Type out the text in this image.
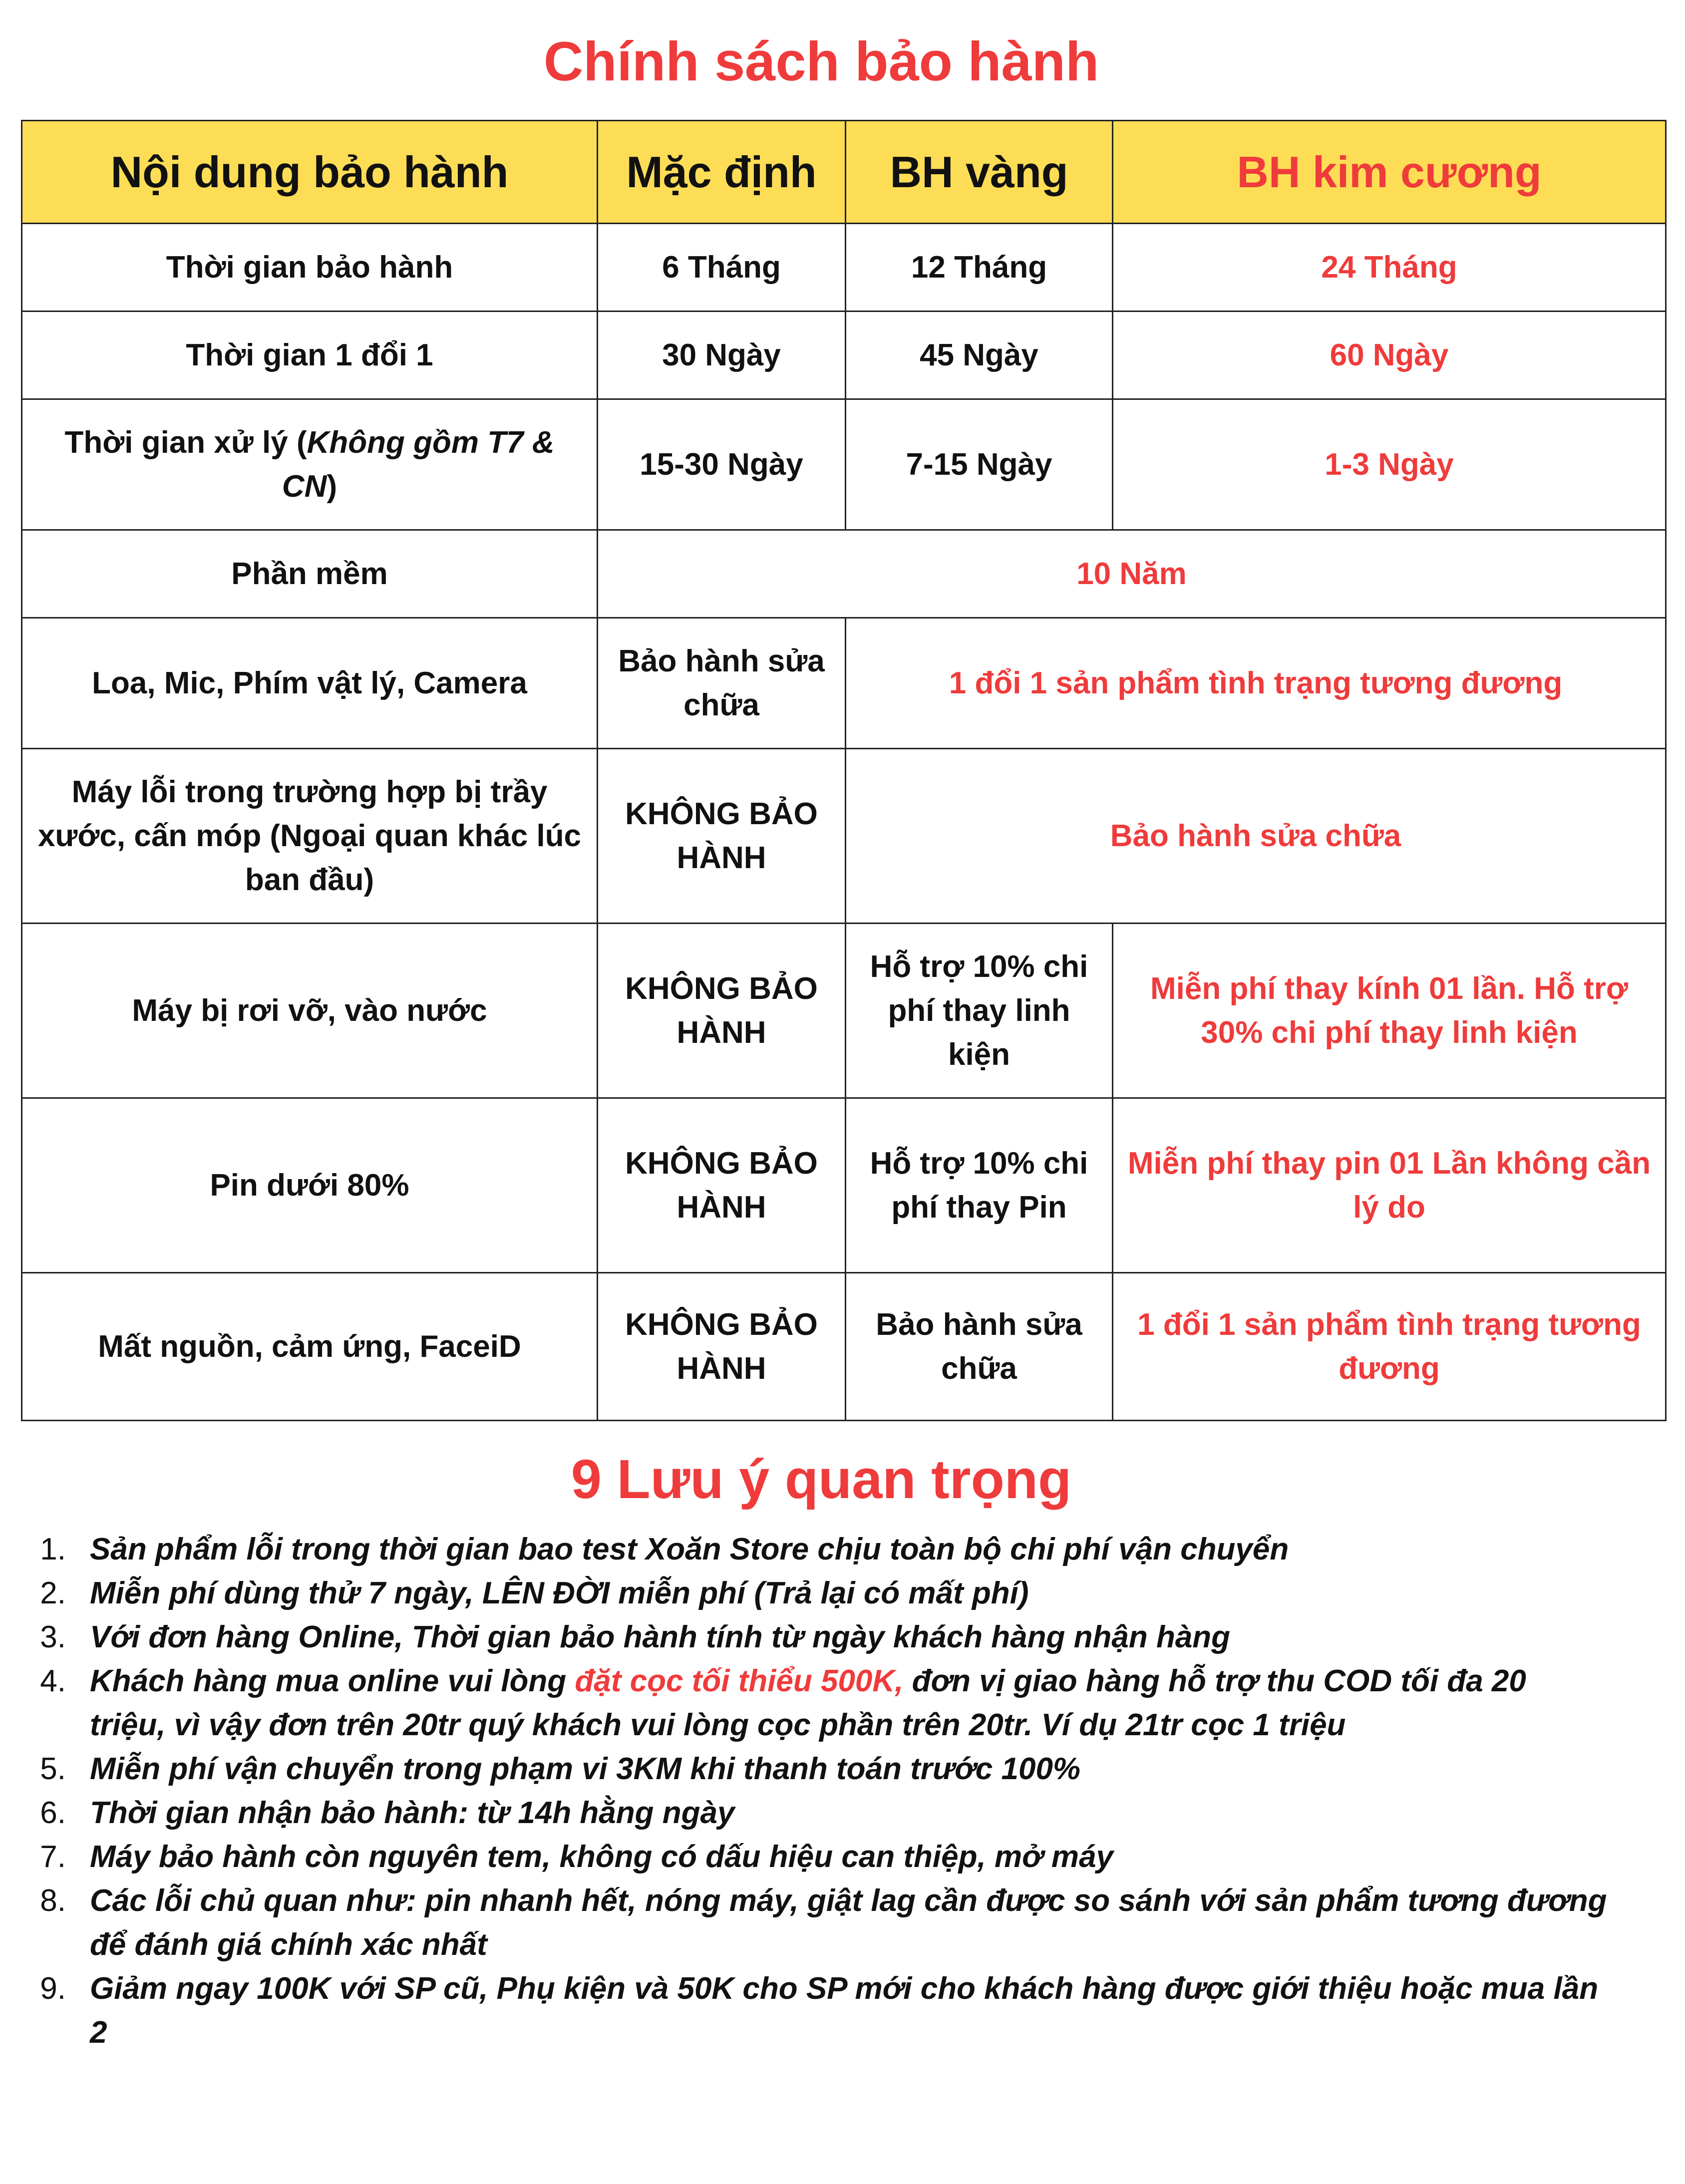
Chính sách bảo hành
Nội dung bảo hành	Mặc định	BH vàng	BH kim cương
Thời gian bảo hành	6 Tháng	12 Tháng	24 Tháng
Thời gian 1 đổi 1	30 Ngày	45 Ngày	60 Ngày
Thời gian xử lý (Không gồm T7 & CN)	15-30 Ngày	7-15 Ngày	1-3 Ngày
Phần mềm	10 Năm		
Loa, Mic, Phím vật lý, Camera	Bảo hành sửa chữa	1 đổi 1 sản phẩm tình trạng tương đương	
Máy lỗi trong trường hợp bị trầy xước, cấn móp (Ngoại quan khác lúc ban đầu)	KHÔNG BẢO HÀNH	Bảo hành sửa chữa	
Máy bị rơi vỡ, vào nước	KHÔNG BẢO HÀNH	Hỗ trợ 10% chi phí thay linh kiện	Miễn phí thay kính 01 lần. Hỗ trợ 30% chi phí thay linh kiện
Pin dưới 80%	KHÔNG BẢO HÀNH	Hỗ trợ 10% chi phí thay Pin	Miễn phí thay pin 01 Lần không cần lý do
Mất nguồn, cảm ứng, FaceiD	KHÔNG BẢO HÀNH	Bảo hành sửa chữa	1 đổi 1 sản phẩm tình trạng tương đương
9 Lưu ý quan trọng
1. Sản phẩm lỗi trong thời gian bao test Xoăn Store chịu toàn bộ chi phí vận chuyển
2. Miễn phí dùng thử 7 ngày, LÊN ĐỜI miễn phí (Trả lại có mất phí)
3. Với đơn hàng Online, Thời gian bảo hành tính từ ngày khách hàng nhận hàng
4. Khách hàng mua online vui lòng đặt cọc tối thiểu 500K, đơn vị giao hàng hỗ trợ thu COD tối đa 20 triệu, vì vậy đơn trên 20tr quý khách vui lòng cọc phần trên 20tr. Ví dụ 21tr cọc 1 triệu
5. Miễn phí vận chuyển trong phạm vi 3KM khi thanh toán trước 100%
6. Thời gian nhận bảo hành: từ 14h hằng ngày
7. Máy bảo hành còn nguyên tem, không có dấu hiệu can thiệp, mở máy
8. Các lỗi chủ quan như: pin nhanh hết, nóng máy, giật lag cần được so sánh với sản phẩm tương đương để đánh giá chính xác nhất
9. Giảm ngay 100K với SP cũ, Phụ kiện và 50K cho SP mới cho khách hàng được giới thiệu hoặc mua lần 2
